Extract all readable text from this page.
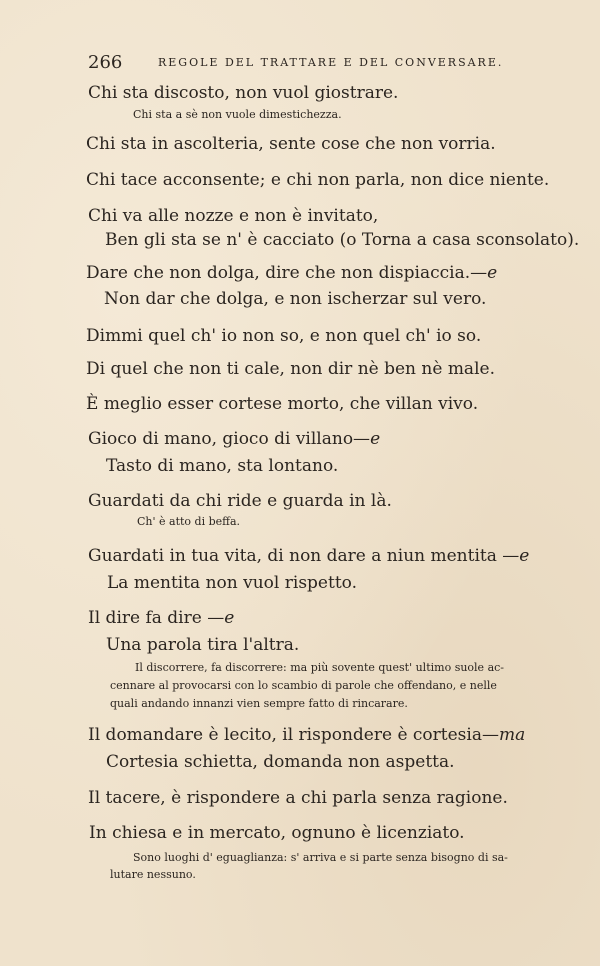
266	REGOLE DEL TRATTARE E DEL CONVERSARE.
Chi sta discosto, non vuol giostrare.
Chi sta a sè non vuole dimestichezza.
Chi sta in ascolteria, sente cose che non vorria.
Chi tace acconsente; e chi non parla, non dice niente.
Chi va alle nozze e non è invitato,
Ben gli sta se n' è cacciato (o Torna a casa sconsolato).
Dare che non dolga, dire che non dispiaccia.—e
Non dar che dolga, e non ischerzar sul vero.
Dimmi quel ch' io non so, e non quel ch' io so.
Di quel che non ti cale, non dir nè ben nè male.
È meglio esser cortese morto, che villan vivo.
Gioco di mano, gioco di villano—e
Tasto di mano, sta lontano.
Guardati da chi ride e guarda in là.
Ch' è atto di beffa.
Guardati in tua vita, di non dare a niun mentita —e
La mentita non vuol rispetto.
Il dire fa dire —e
Una parola tira l'altra.
Il discorrere, fa discorrere: ma più sovente quest' ultimo suole ac-
cennare al provocarsi con lo scambio di parole che offendano, e nelle
quali andando innanzi vien sempre fatto di rincarare.
Il domandare è lecito, il rispondere è cortesia—ma
Cortesia schietta, domanda non aspetta.
Il tacere, è rispondere a chi parla senza ragione.
In chiesa e in mercato, ognuno è licenziato.
Sono luoghi d' eguaglianza: s' arriva e si parte senza bisogno di sa-
lutare nessuno.
